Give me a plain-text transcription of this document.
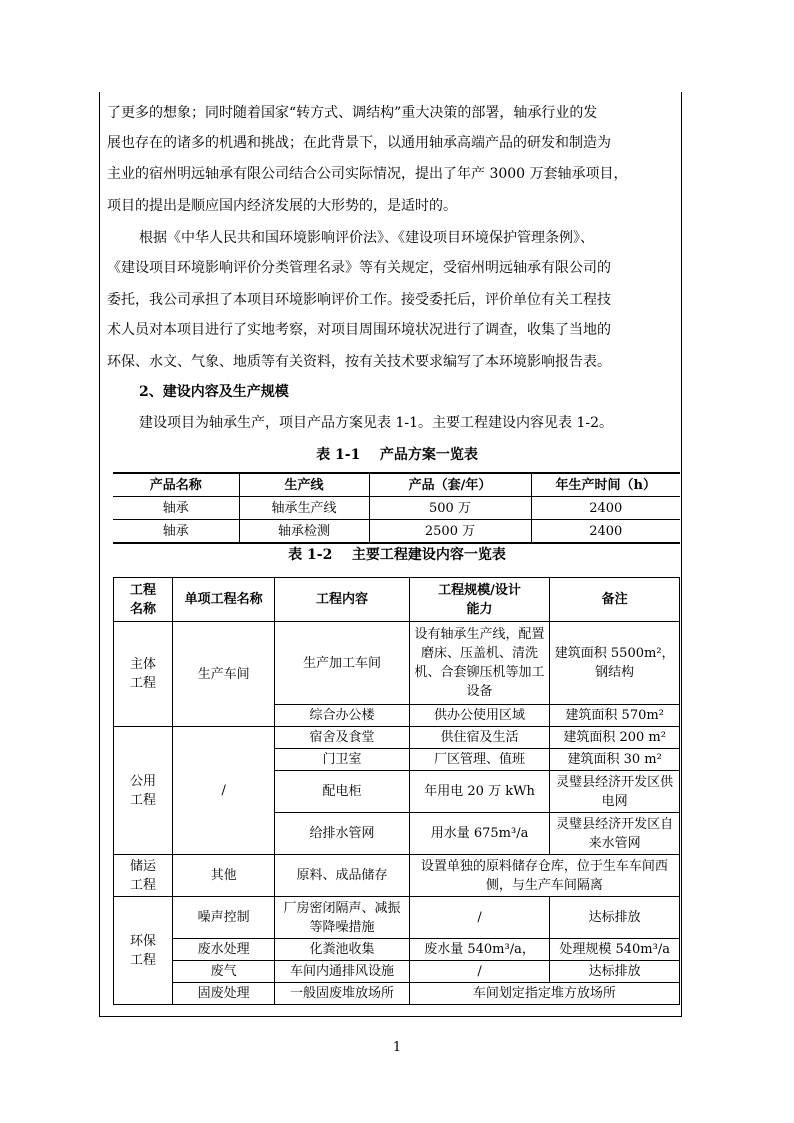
了更多的想象；同时随着国家“转方式、调结构”重大决策的部署，轴承行业的发
展也存在的诸多的机遇和挑战；在此背景下，以通用轴承高端产品的研发和制造为
主业的宿州明远轴承有限公司结合公司实际情况，提出了年产 3000 万套轴承项目，
项目的提出是顺应国内经济发展的大形势的，是适时的。
根据《中华人民共和国环境影响评价法》、《建设项目环境保护管理条例》、
《建设项目环境影响评价分类管理名录》等有关规定，受宿州明远轴承有限公司的
委托，我公司承担了本项目环境影响评价工作。接受委托后，评价单位有关工程技
术人员对本项目进行了实地考察，对项目周围环境状况进行了调查，收集了当地的
环保、水文、气象、地质等有关资料，按有关技术要求编写了本环境影响报告表。
2、建设内容及生产规模
建设项目为轴承生产，项目产品方案见表 1-1。主要工程建设内容见表 1-2。
表 1-1    产品方案一览表
产品名称	生产线	产品（套/年）	年生产时间（h）
轴承	轴承生产线	500 万	2400
轴承	轴承检测	2500 万	2400
表 1-2    主要工程建设内容一览表
工程名称	单项工程名称	工程内容	工程规模/设计能力	备注
主体工程	生产车间	生产加工车间	设有轴承生产线，配置磨床、压盖机、清洗机、合套铆压机等加工设备	建筑面积 5500m²，钢结构
		综合办公楼	供办公使用区域	建筑面积 570m²
公用工程	/	宿舍及食堂	供住宿及生活	建筑面积 200 m²
		门卫室	厂区管理、值班	建筑面积 30 m²
		配电柜	年用电 20 万 kWh	灵璧县经济开发区供电网
		给排水管网	用水量 675m³/a	灵璧县经济开发区自来水管网
储运工程	其他	原料、成品储存	设置单独的原料储存仓库，位于生车车间西侧，与生产车间隔离	
环保工程	噪声控制	厂房密闭隔声、减振等降噪措施	/	达标排放
	废水处理	化粪池收集	废水量 540m³/a，	处理规模 540m³/a
	废气	车间内通排风设施	/	达标排放
	固废处理	一般固废堆放场所	车间划定指定堆方放场所	
1
